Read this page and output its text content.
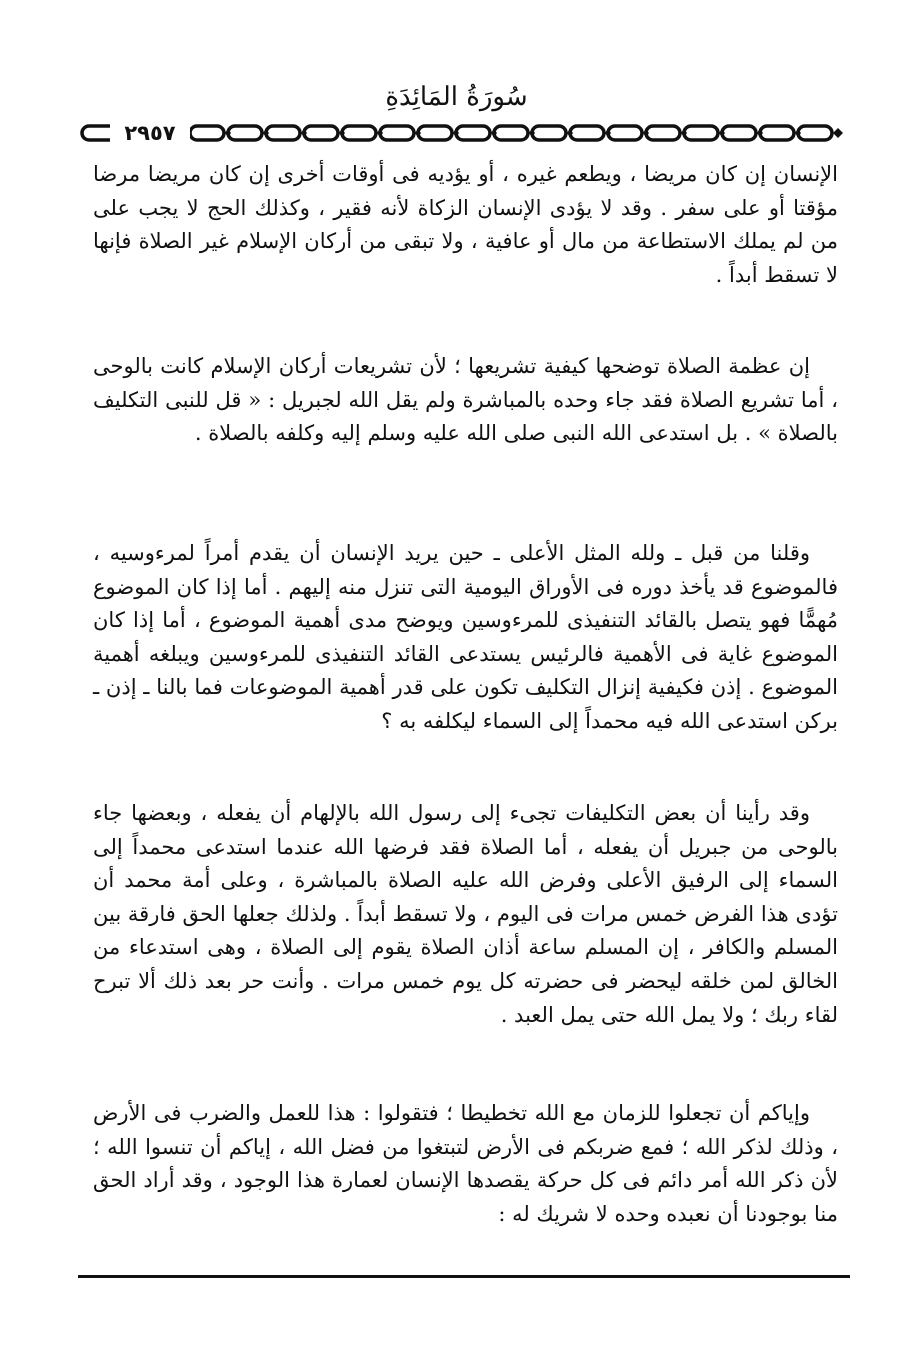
سُورَةُ المَائِدَةِ
٢٩٥٧

الإنسان إن كان مريضا ، ويطعم غيره ، أو يؤديه فى أوقات أخرى إن كان مريضا مرضا مؤقتا أو على سفر . وقد لا يؤدى الإنسان الزكاة لأنه فقير ، وكذلك الحج لا يجب على من لم يملك الاستطاعة من مال أو عافية ، ولا تبقى من أركان الإسلام غير الصلاة فإنها لا تسقط أبداً .

إن عظمة الصلاة توضحها كيفية تشريعها ؛ لأن تشريعات أركان الإسلام كانت بالوحى ، أما تشريع الصلاة فقد جاء وحده بالمباشرة ولم يقل الله لجبريل : « قل للنبى التكليف بالصلاة » . بل استدعى الله النبى صلى الله عليه وسلم إليه وكلفه بالصلاة .

وقلنا من قبل ـ ولله المثل الأعلى ـ حين يريد الإنسان أن يقدم أمراً لمرءوسيه ، فالموضوع قد يأخذ دوره فى الأوراق اليومية التى تنزل منه إليهم . أما إذا كان الموضوع مُهمًّا فهو يتصل بالقائد التنفيذى للمرءوسين ويوضح مدى أهمية الموضوع ، أما إذا كان الموضوع غاية فى الأهمية فالرئيس يستدعى القائد التنفيذى للمرءوسين ويبلغه أهمية الموضوع . إذن فكيفية إنزال التكليف تكون على قدر أهمية الموضوعات فما بالنا ـ إذن ـ بركن استدعى الله فيه محمداً إلى السماء ليكلفه به ؟

وقد رأينا أن بعض التكليفات تجىء إلى رسول الله بالإلهام أن يفعله ، وبعضها جاء بالوحى من جبريل أن يفعله ، أما الصلاة فقد فرضها الله عندما استدعى محمداً إلى السماء إلى الرفيق الأعلى وفرض الله عليه الصلاة بالمباشرة ، وعلى أمة محمد أن تؤدى هذا الفرض خمس مرات فى اليوم ، ولا تسقط أبداً . ولذلك جعلها الحق فارقة بين المسلم والكافر ، إن المسلم ساعة أذان الصلاة يقوم إلى الصلاة ، وهى استدعاء من الخالق لمن خلقه ليحضر فى حضرته كل يوم خمس مرات . وأنت حر بعد ذلك ألا تبرح لقاء ربك ؛ ولا يمل الله حتى يمل العبد .

وإياكم أن تجعلوا للزمان مع الله تخطيطا ؛ فتقولوا : هذا للعمل والضرب فى الأرض ، وذلك لذكر الله ؛ فمع ضربكم فى الأرض لتبتغوا من فضل الله ، إياكم أن تنسوا الله ؛ لأن ذكر الله أمر دائم فى كل حركة يقصدها الإنسان لعمارة هذا الوجود ، وقد أراد الحق منا بوجودنا أن نعبده وحده لا شريك له :
